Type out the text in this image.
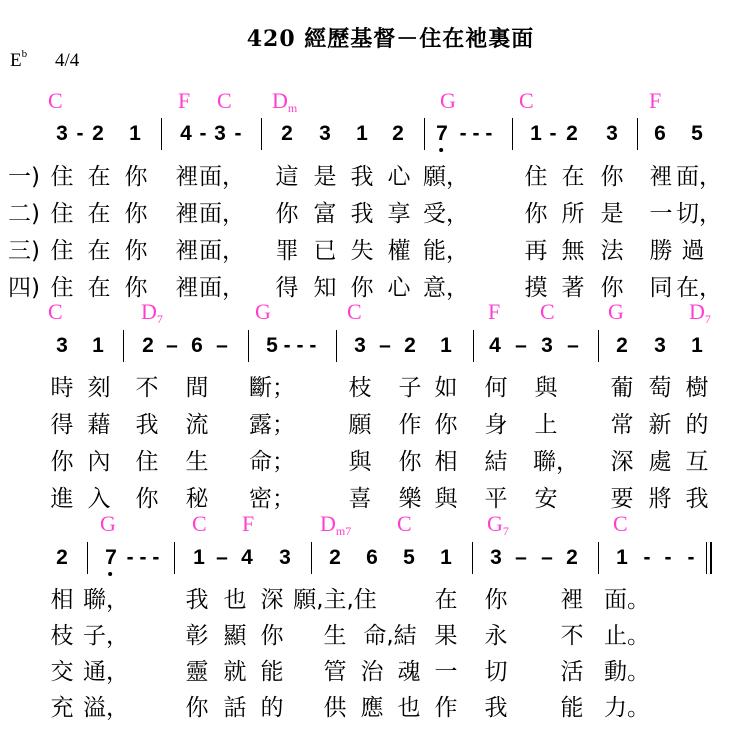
420 經歷基督－住在祂裏面
$E^b$ 4/4
C	F C $D_m$	G	C	F
3 - 2 1 4 - 3 - 2 3 1 2 7 - - - 1 - 2 3 6 5
一) 住 在 你 裡 面， 這 是 我 心 願， 住 在 你 裡 面，
二) 住 在 你 裡 面， 你 富 我 享 受， 你 所 是 一 切，
三) 住 在 你 裡 面， 罪 已 失 權 能， 再 無 法 勝 過
四) 住 在 你 裡 面， 得 知 你 心 意， 摸 著 你 同 在，
C	$D_7$	G	C	F C G	$D_7$
3 1 2 – 6 – 5 - - - 3 – 2 1 4 – 3 – 2 3 1
時 刻 不 間 斷； 枝 子 如 何 與 葡 萄 樹
得 藉 我 流 露； 願 作 你 身 上 常 新 的
你 內 住 生 命； 與 你 相 結 聯， 深 處 互
進 入 你 秘 密； 喜 樂 與 平 安 要 將 我
G	C F	$D_{m7}$ C	$G_7$	C
2 7 - - - 1 – 4 3 2 6 5 1 3 – – 2 1 - - -
相 聯， 我 也 深 願,主,住	在 你 裡 面。
枝 子， 彰 顯 你 生 命,結 果 永 不 止。
交 通， 靈 就 能 管 治 魂 一 切 活 動。
充 溢， 你 話 的 供 應 也 作 我 能 力。
